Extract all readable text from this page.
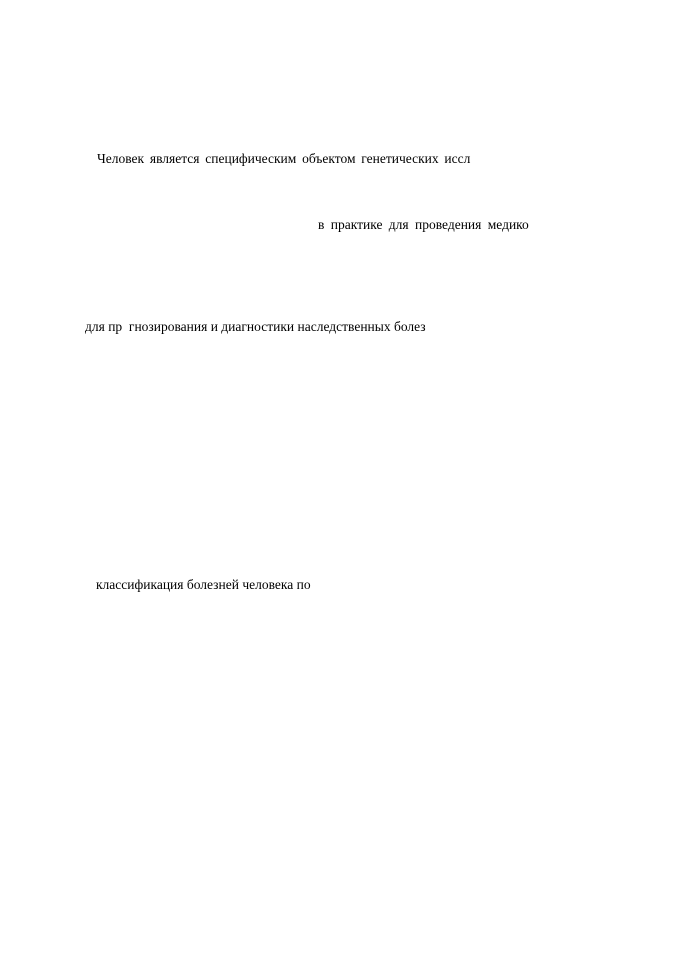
Человек является специфическим объектом генетических иссл
в практике для проведения медико
для пр  гнозирования и диагностики наследственных болез
классификация болезней человека по
